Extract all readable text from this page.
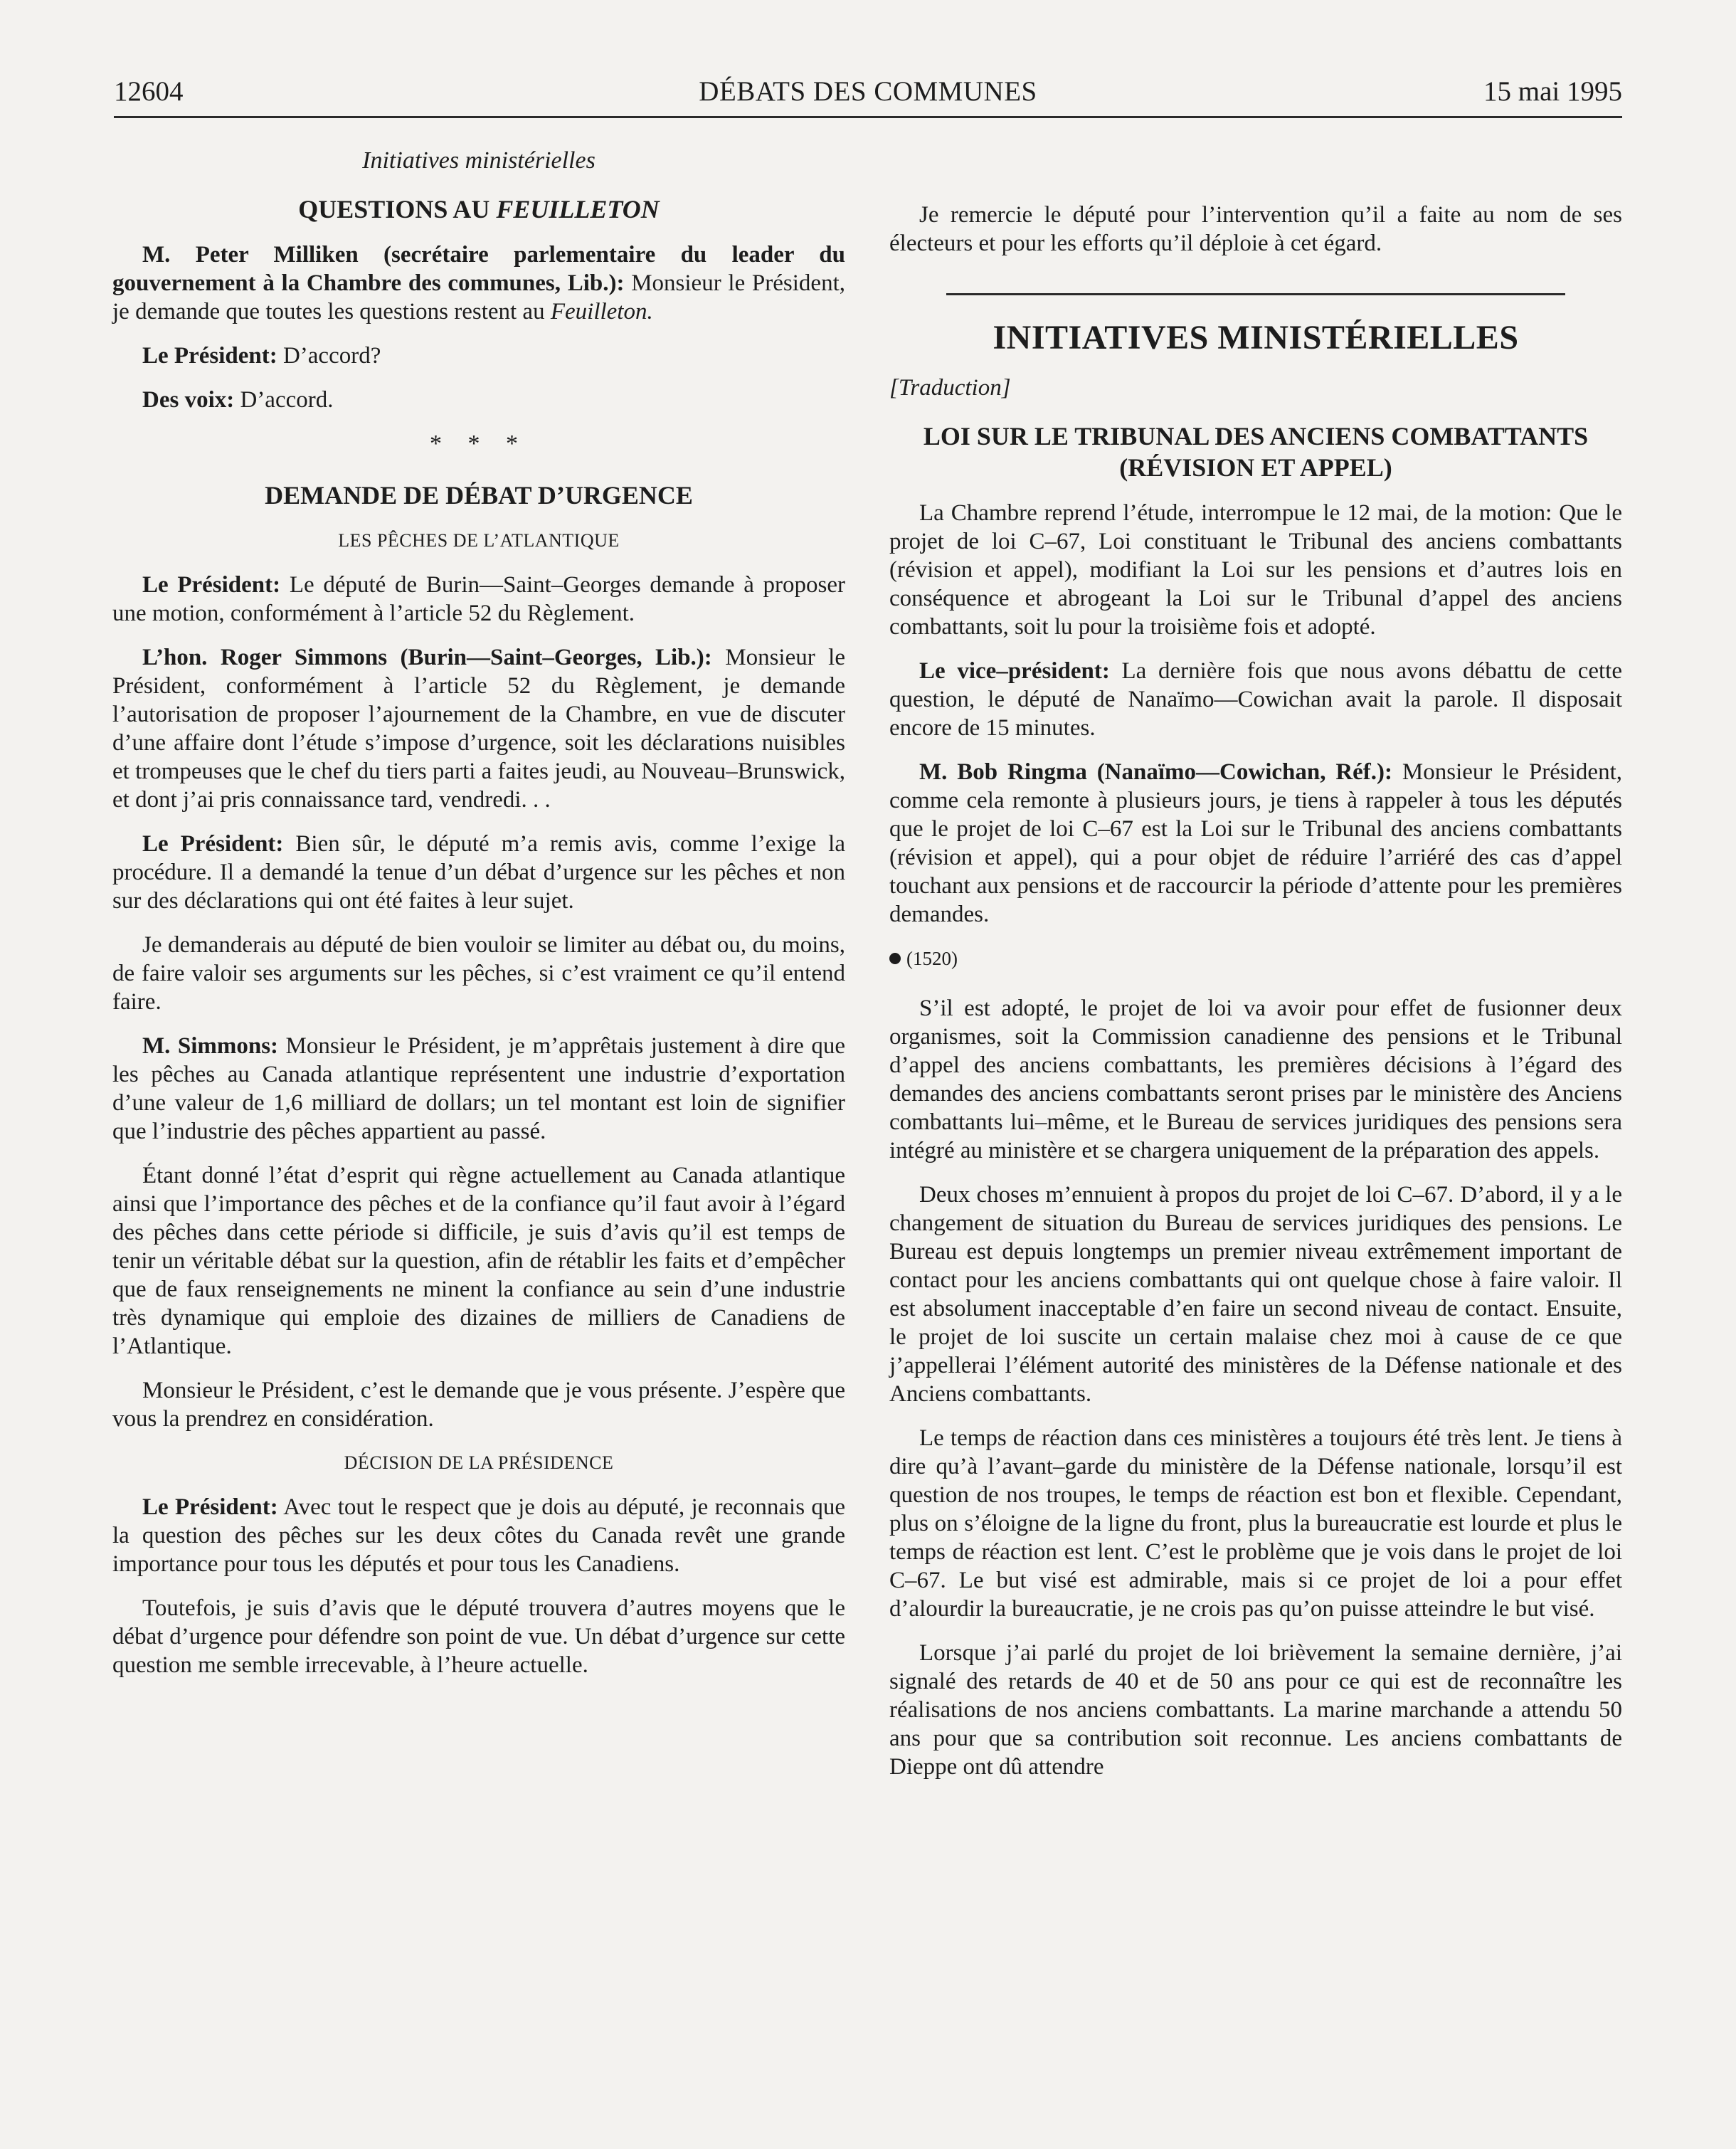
12604	DÉBATS DES COMMUNES	15 mai 1995
Initiatives ministérielles
QUESTIONS AU FEUILLETON

M. Peter Milliken (secrétaire parlementaire du leader du gouvernement à la Chambre des communes, Lib.): Monsieur le Président, je demande que toutes les questions restent au Feuilleton.

Le Président: D’accord?

Des voix: D’accord.

* * *
DEMANDE DE DÉBAT D’URGENCE
LES PÊCHES DE L’ATLANTIQUE

Le Président: Le député de Burin—Saint–Georges demande à proposer une motion, conformément à l’article 52 du Règlement.

L’hon. Roger Simmons (Burin—Saint–Georges, Lib.): Monsieur le Président, conformément à l’article 52 du Règlement, je demande l’autorisation de proposer l’ajournement de la Chambre, en vue de discuter d’une affaire dont l’étude s’impose d’urgence, soit les déclarations nuisibles et trompeuses que le chef du tiers parti a faites jeudi, au Nouveau–Brunswick, et dont j’ai pris connaissance tard, vendredi. . .

Le Président: Bien sûr, le député m’a remis avis, comme l’exige la procédure. Il a demandé la tenue d’un débat d’urgence sur les pêches et non sur des déclarations qui ont été faites à leur sujet.

Je demanderais au député de bien vouloir se limiter au débat ou, du moins, de faire valoir ses arguments sur les pêches, si c’est vraiment ce qu’il entend faire.

M. Simmons: Monsieur le Président, je m’apprêtais justement à dire que les pêches au Canada atlantique représentent une industrie d’exportation d’une valeur de 1,6 milliard de dollars; un tel montant est loin de signifier que l’industrie des pêches appartient au passé.

Étant donné l’état d’esprit qui règne actuellement au Canada atlantique ainsi que l’importance des pêches et de la confiance qu’il faut avoir à l’égard des pêches dans cette période si difficile, je suis d’avis qu’il est temps de tenir un véritable débat sur la question, afin de rétablir les faits et d’empêcher que de faux renseignements ne minent la confiance au sein d’une industrie très dynamique qui emploie des dizaines de milliers de Canadiens de l’Atlantique.

Monsieur le Président, c’est le demande que je vous présente. J’espère que vous la prendrez en considération.

DÉCISION DE LA PRÉSIDENCE

Le Président: Avec tout le respect que je dois au député, je reconnais que la question des pêches sur les deux côtes du Canada revêt une grande importance pour tous les députés et pour tous les Canadiens.

Toutefois, je suis d’avis que le député trouvera d’autres moyens que le débat d’urgence pour défendre son point de vue. Un débat d’urgence sur cette question me semble irrecevable, à l’heure actuelle.

Je remercie le député pour l’intervention qu’il a faite au nom de ses électeurs et pour les efforts qu’il déploie à cet égard.

INITIATIVES MINISTÉRIELLES
[Traduction]
LOI SUR LE TRIBUNAL DES ANCIENS COMBATTANTS (RÉVISION ET APPEL)

La Chambre reprend l’étude, interrompue le 12 mai, de la motion: Que le projet de loi C–67, Loi constituant le Tribunal des anciens combattants (révision et appel), modifiant la Loi sur les pensions et d’autres lois en conséquence et abrogeant la Loi sur le Tribunal d’appel des anciens combattants, soit lu pour la troisième fois et adopté.

Le vice–président: La dernière fois que nous avons débattu de cette question, le député de Nanaïmo—Cowichan avait la parole. Il disposait encore de 15 minutes.

M. Bob Ringma (Nanaïmo—Cowichan, Réf.): Monsieur le Président, comme cela remonte à plusieurs jours, je tiens à rappeler à tous les députés que le projet de loi C–67 est la Loi sur le Tribunal des anciens combattants (révision et appel), qui a pour objet de réduire l’arriéré des cas d’appel touchant aux pensions et de raccourcir la période d’attente pour les premières demandes.

(1520)

S’il est adopté, le projet de loi va avoir pour effet de fusionner deux organismes, soit la Commission canadienne des pensions et le Tribunal d’appel des anciens combattants, les premières décisions à l’égard des demandes des anciens combattants seront prises par le ministère des Anciens combattants lui–même, et le Bureau de services juridiques des pensions sera intégré au ministère et se chargera uniquement de la préparation des appels.

Deux choses m’ennuient à propos du projet de loi C–67. D’abord, il y a le changement de situation du Bureau de services juridiques des pensions. Le Bureau est depuis longtemps un premier niveau extrêmement important de contact pour les anciens combattants qui ont quelque chose à faire valoir. Il est absolument inacceptable d’en faire un second niveau de contact. Ensuite, le projet de loi suscite un certain malaise chez moi à cause de ce que j’appellerai l’élément autorité des ministères de la Défense nationale et des Anciens combattants.

Le temps de réaction dans ces ministères a toujours été très lent. Je tiens à dire qu’à l’avant–garde du ministère de la Défense nationale, lorsqu’il est question de nos troupes, le temps de réaction est bon et flexible. Cependant, plus on s’éloigne de la ligne du front, plus la bureaucratie est lourde et plus le temps de réaction est lent. C’est le problème que je vois dans le projet de loi C–67. Le but visé est admirable, mais si ce projet de loi a pour effet d’alourdir la bureaucratie, je ne crois pas qu’on puisse atteindre le but visé.

Lorsque j’ai parlé du projet de loi brièvement la semaine dernière, j’ai signalé des retards de 40 et de 50 ans pour ce qui est de reconnaître les réalisations de nos anciens combattants. La marine marchande a attendu 50 ans pour que sa contribution soit reconnue. Les anciens combattants de Dieppe ont dû attendre
